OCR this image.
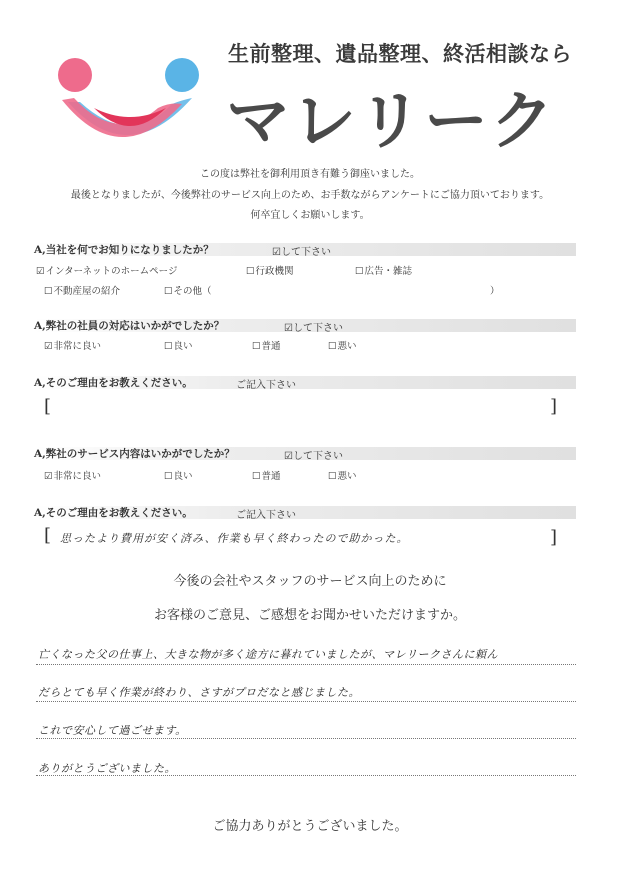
生前整理、遺品整理、終活相談なら
マレリーク
この度は弊社を御利用頂き有難う御座いました。
最後となりましたが、今後弊社のサービス向上のため、お手数ながらアンケートにご協力頂いております。
何卒宜しくお願いします。
A,当社を何でお知りになりましたか？	☑して下さい
☑ インターネットのホームページ	☐ 行政機関	☐ 広告・雑誌
☐ 不動産屋の紹介	☐ その他（	）
A,弊社の社員の対応はいかがでしたか？	☑して下さい
☑ 非常に良い	☐ 良い	☐ 普通	☐ 悪い
A,そのご理由をお教えください。	ご記入下さい
[	]
A,弊社のサービス内容はいかがでしたか？	☑して下さい
☑ 非常に良い	☐ 良い	☐ 普通	☐ 悪い
A,そのご理由をお教えください。	ご記入下さい
[ 思ったより費用が安く済み、作業も早く終わったので助かった。	]
今後の会社やスタッフのサービス向上のために
お客様のご意見、ご感想をお聞かせいただけますか。
亡くなった父の仕事上、大きな物が多く途方に暮れていましたが、マレリークさんに頼ん
だらとても早く作業が終わり、さすがプロだなと感じました。
これで安心して過ごせます。
ありがとうございました。
ご協力ありがとうございました。
